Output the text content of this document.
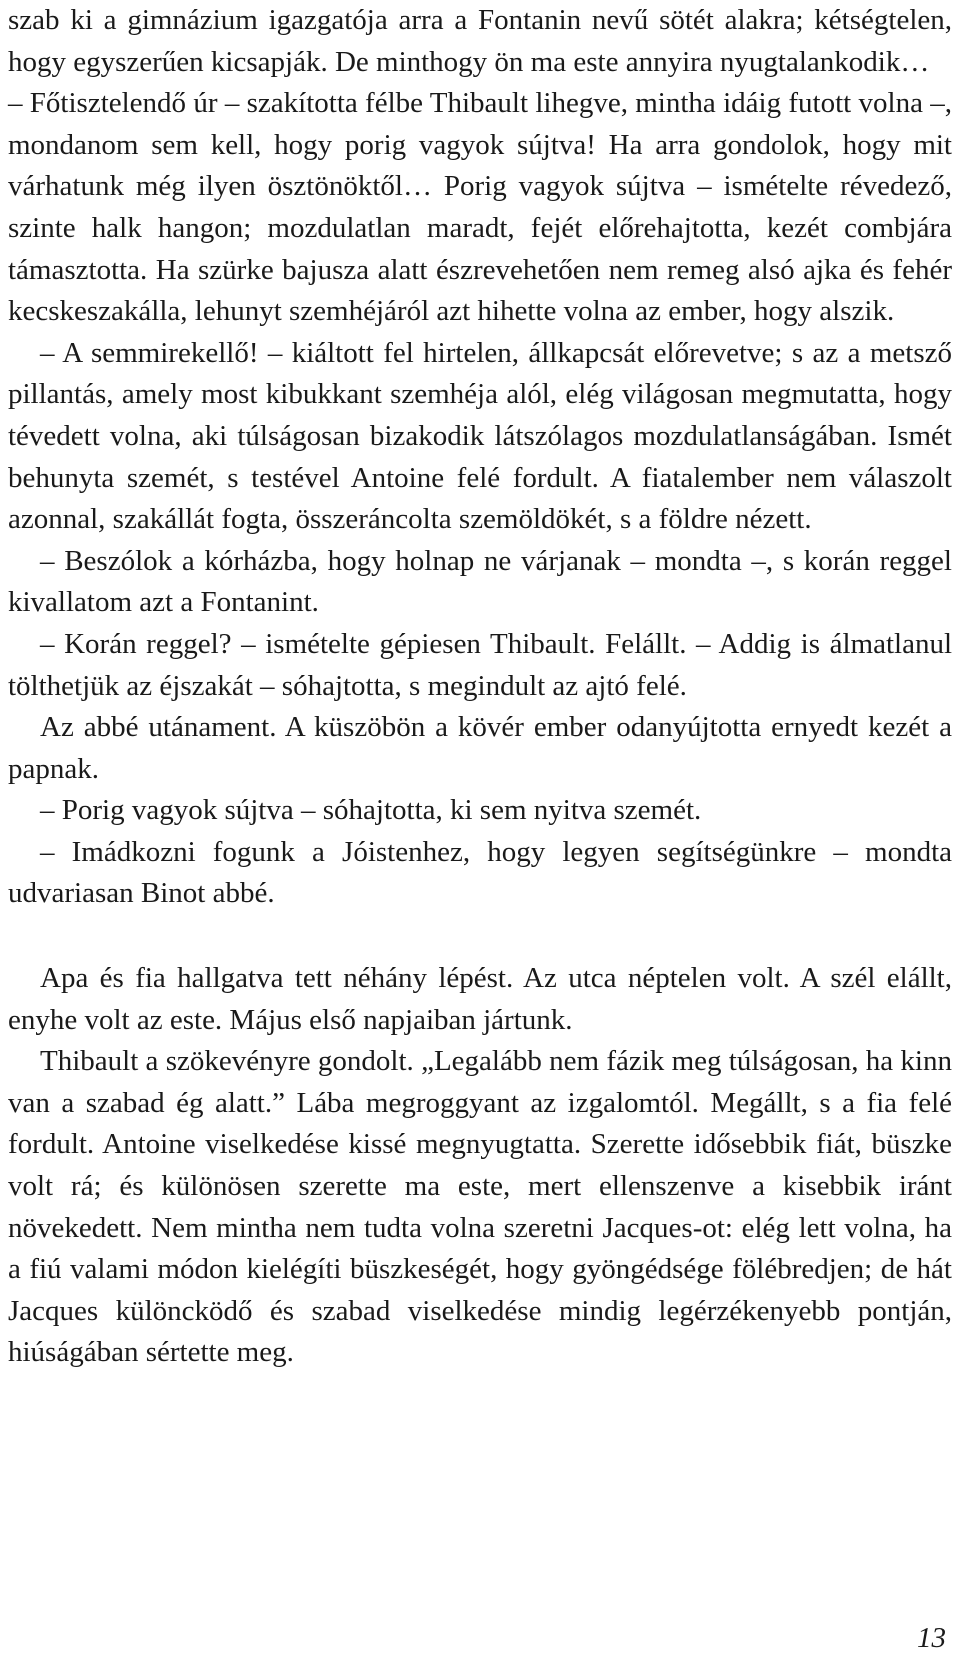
szab ki a gimnázium igazgatója arra a Fontanin nevű sötét alakra; kétségtelen, hogy egyszerűen kicsapják. De minthogy ön ma este annyira nyugtalankodik…

– Főtisztelendő úr – szakította félbe Thibault lihegve, mintha idáig futott volna –, mondanom sem kell, hogy porig vagyok sújtva! Ha arra gondolok, hogy mit várhatunk még ilyen ösztönöktől… Porig vagyok sújtva – ismételte révedező, szinte halk hangon; mozdulatlan maradt, fejét előrehajtotta, kezét combjára támasztotta. Ha szürke bajusza alatt észrevehetően nem remeg alsó ajka és fehér kecskeszakálla, lehunyt szemhéjáról azt hihette volna az ember, hogy alszik.

– A semmirekellő! – kiáltott fel hirtelen, állkapcsát előrevetve; s az a metsző pillantás, amely most kibukkant szemhéja alól, elég világosan megmutatta, hogy tévedett volna, aki túlságosan bizakodik látszólagos mozdulatlanságában. Ismét behunyta szemét, s testével Antoine felé fordult. A fiatalember nem válaszolt azonnal, szakállát fogta, összeráncolta szemöldökét, s a földre nézett.

– Beszólok a kórházba, hogy holnap ne várjanak – mondta –, s korán reggel kivallatom azt a Fontanint.

– Korán reggel? – ismételte gépiesen Thibault. Felállt. – Addig is álmatlanul tölthetjük az éjszakát – sóhajtotta, s megindult az ajtó felé.

Az abbé utánament. A küszöbön a kövér ember odanyújtotta ernyedt kezét a papnak.

– Porig vagyok sújtva – sóhajtotta, ki sem nyitva szemét.

– Imádkozni fogunk a Jóistenhez, hogy legyen segítségünkre – mondta udvariasan Binot abbé.

Apa és fia hallgatva tett néhány lépést. Az utca néptelen volt. A szél elállt, enyhe volt az este. Május első napjaiban jártunk.

Thibault a szökevényre gondolt. „Legalább nem fázik meg túlságosan, ha kinn van a szabad ég alatt.” Lába megroggyant az izgalomtól. Megállt, s a fia felé fordult. Antoine viselkedése kissé megnyugtatta. Szerette idősebbik fiát, büszke volt rá; és különösen szerette ma este, mert ellenszenve a kisebbik iránt növekedett. Nem mintha nem tudta volna szeretni Jacques-ot: elég lett volna, ha a fiú valami módon kielégíti büszkeségét, hogy gyöngédsége fölébredjen; de hát Jacques különcködő és szabad viselkedése mindig legérzékenyebb pontján, hiúságában sértette meg.

13
